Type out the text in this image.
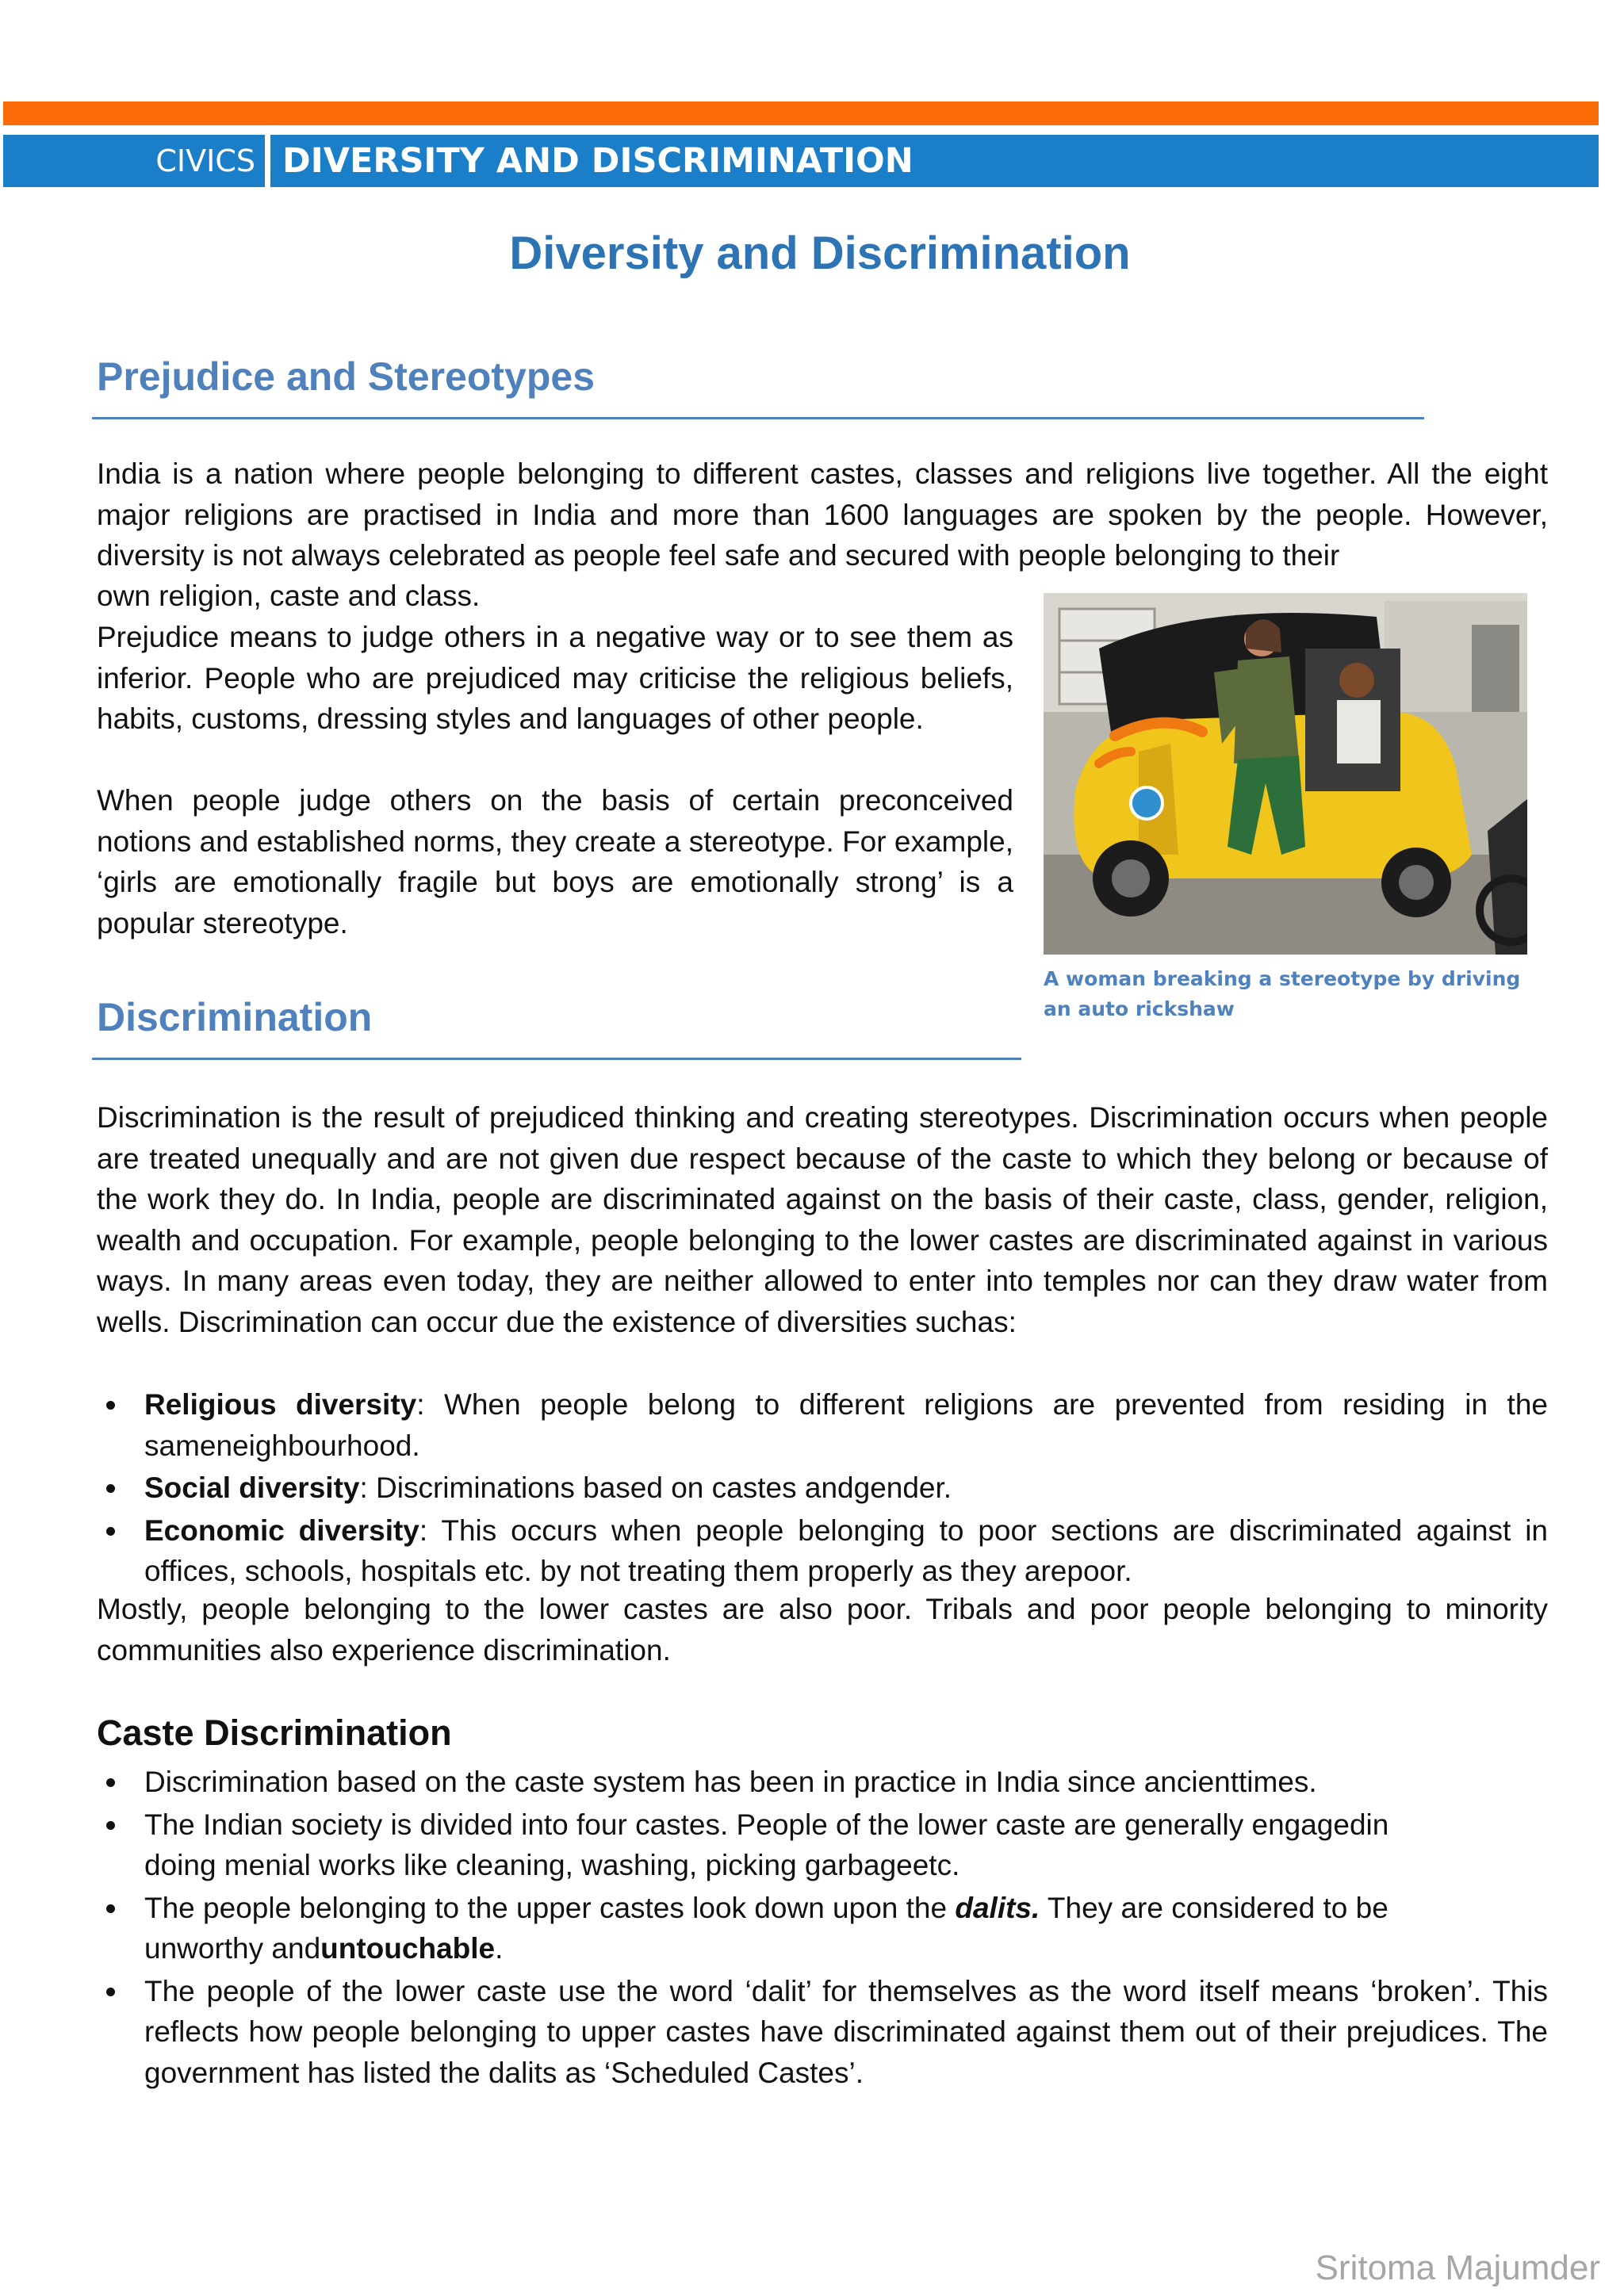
CIVICS DIVERSITY AND DISCRIMINATION
Diversity and Discrimination
Prejudice and Stereotypes

India is a nation where people belonging to different castes, classes and religions live together. All the eight major religions are practised in India and more than 1600 languages are spoken by the people. However, diversity is not always celebrated as people feel safe and secured with people belonging to their

own religion, caste and class.

Prejudice means to judge others in a negative way or to see them as inferior. People who are prejudiced may criticise the religious beliefs, habits, customs, dressing styles and languages of other people.

When people judge others on the basis of certain preconceived notions and established norms, they create a stereotype. For example, ‘girls are emotionally fragile but boys are emotionally strong’ is a popular stereotype.

A woman breaking a stereotype by driving an auto rickshaw

Discrimination

Discrimination is the result of prejudiced thinking and creating stereotypes. Discrimination occurs when people are treated unequally and are not given due respect because of the caste to which they belong or because of the work they do. In India, people are discriminated against on the basis of their caste, class, gender, religion, wealth and occupation. For example, people belonging to the lower castes are discriminated against in various ways. In many areas even today, they are neither allowed to enter into temples nor can they draw water from wells. Discrimination can occur due the existence of diversities suchas:

Religious diversity: When people belong to different religions are prevented from residing in the sameneighbourhood.
Social diversity: Discriminations based on castes andgender.
Economic diversity: This occurs when people belonging to poor sections are discriminated against in offices, schools, hospitals etc. by not treating them properly as they arepoor.

Mostly, people belonging to the lower castes are also poor. Tribals and poor people belonging to minority communities also experience discrimination.

Caste Discrimination
Discrimination based on the caste system has been in practice in India since ancienttimes.
The Indian society is divided into four castes. People of the lower caste are generally engagedin
doing menial works like cleaning, washing, picking garbageetc.
The people belonging to the upper castes look down upon the dalits. They are considered to be
unworthy anduntouchable.
The people of the lower caste use the word ‘dalit’ for themselves as the word itself means ‘broken’. This reflects how people belonging to upper castes have discriminated against them out of their prejudices. The government has listed the dalits as ‘Scheduled Castes’.
Sritoma Majumder
